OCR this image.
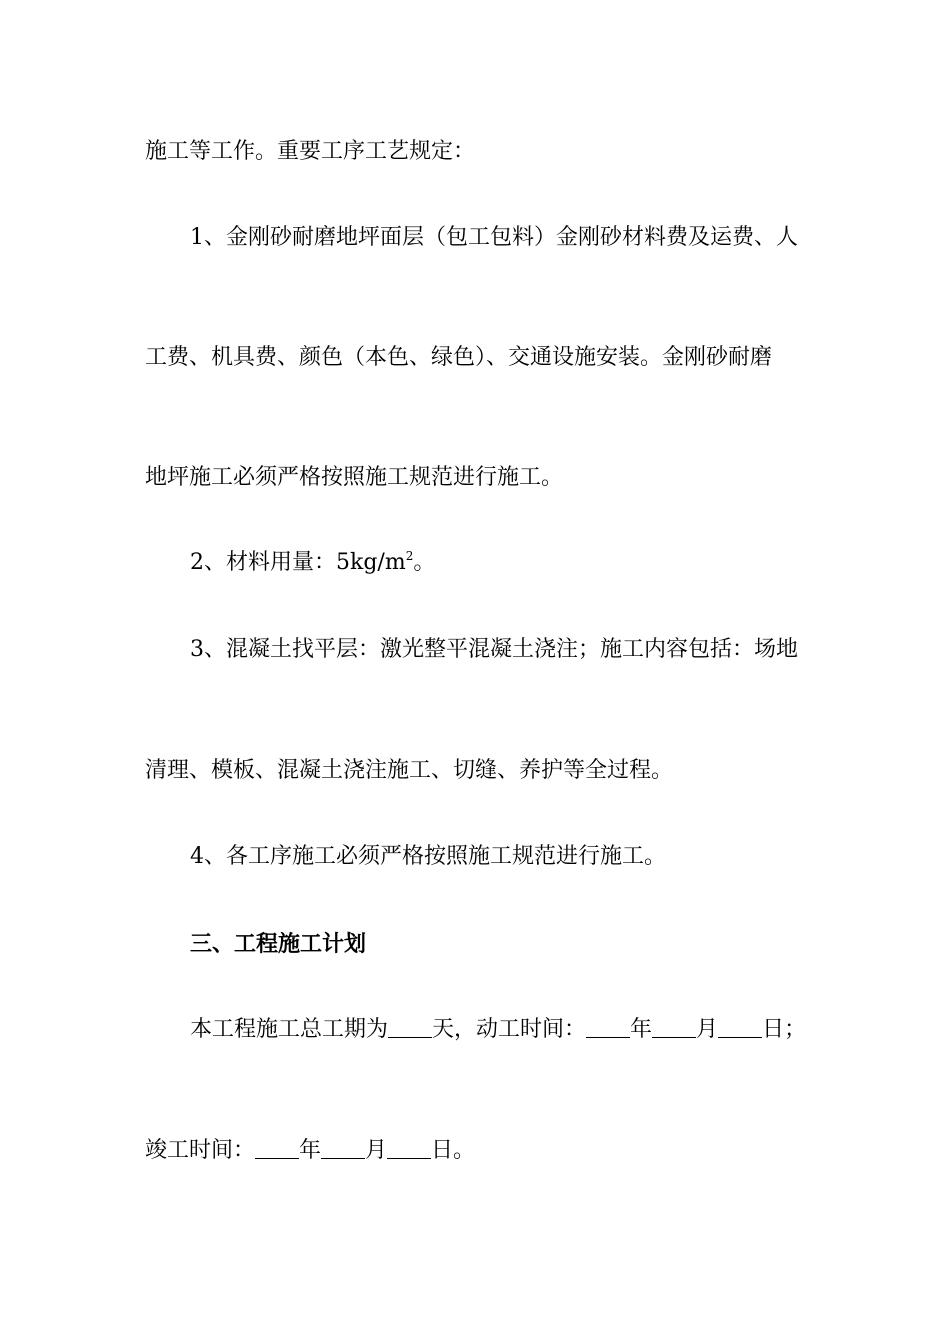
施工等工作。重要工序工艺规定：
1、金刚砂耐磨地坪面层（包工包料）金刚砂材料费及运费、人
工费、机具费、颜色（本色、绿色）、交通设施安装。金刚砂耐磨
地坪施工必须严格按照施工规范进行施工。
2、材料用量：$5kg/m^2$。
3、混凝土找平层：激光整平混凝土浇注；施工内容包括：场地
清理、模板、混凝土浇注施工、切缝、养护等全过程。
4、各工序施工必须严格按照施工规范进行施工。
三、工程施工计划
本工程施工总工期为 天，动工时间： 年 月 日；
竣工时间： 年 月 日。
